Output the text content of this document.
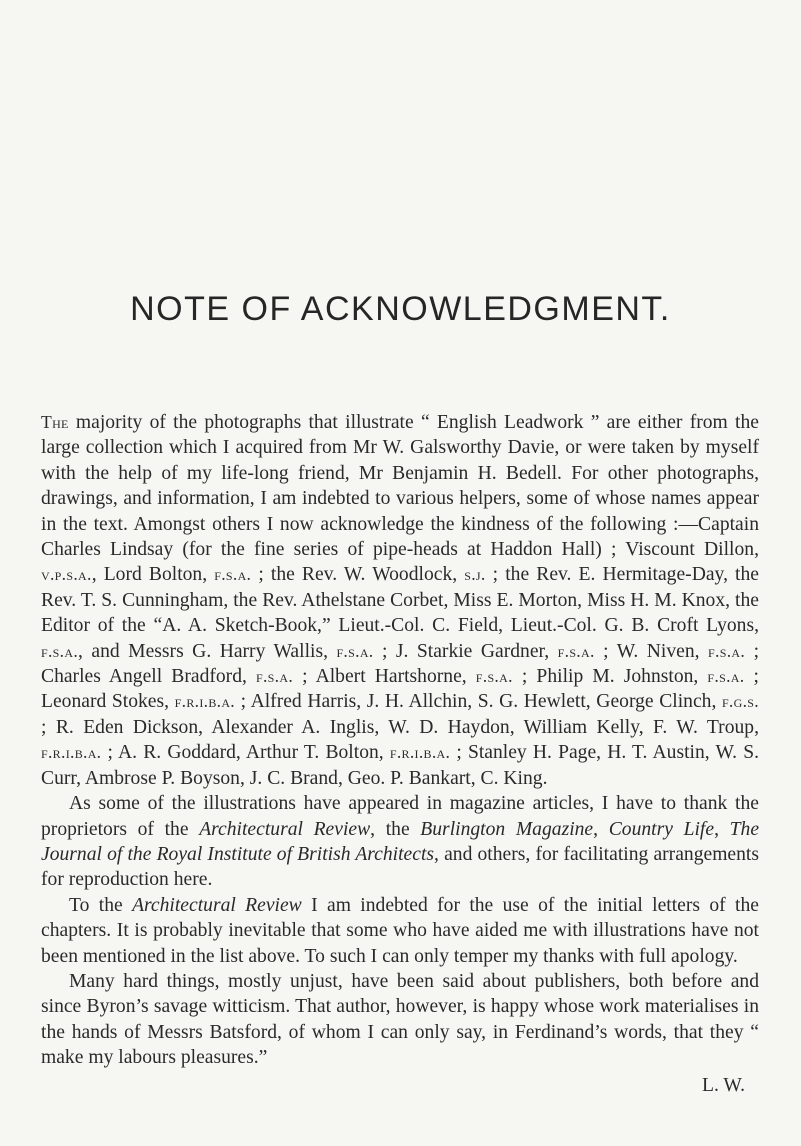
NOTE OF ACKNOWLEDGMENT.

The majority of the photographs that illustrate “ English Leadwork ” are either from the large collection which I acquired from Mr W. Galsworthy Davie, or were taken by myself with the help of my life-long friend, Mr Benjamin H. Bedell. For other photographs, drawings, and information, I am indebted to various helpers, some of whose names appear in the text. Amongst others I now acknowledge the kindness of the following :—Captain Charles Lindsay (for the fine series of pipe-heads at Haddon Hall) ; Viscount Dillon, v.p.s.a., Lord Bolton, f.s.a. ; the Rev. W. Woodlock, s.j. ; the Rev. E. Hermitage-Day, the Rev. T. S. Cunningham, the Rev. Athelstane Corbet, Miss E. Morton, Miss H. M. Knox, the Editor of the “A. A. Sketch-Book,” Lieut.-Col. C. Field, Lieut.-Col. G. B. Croft Lyons, f.s.a., and Messrs G. Harry Wallis, f.s.a. ; J. Starkie Gardner, f.s.a. ; W. Niven, f.s.a. ; Charles Angell Bradford, f.s.a. ; Albert Hartshorne, f.s.a. ; Philip M. Johnston, f.s.a. ; Leonard Stokes, f.r.i.b.a. ; Alfred Harris, J. H. Allchin, S. G. Hewlett, George Clinch, f.g.s. ; R. Eden Dickson, Alexander A. Inglis, W. D. Haydon, William Kelly, F. W. Troup, f.r.i.b.a. ; A. R. Goddard, Arthur T. Bolton, f.r.i.b.a. ; Stanley H. Page, H. T. Austin, W. S. Curr, Ambrose P. Boyson, J. C. Brand, Geo. P. Bankart, C. King.

As some of the illustrations have appeared in magazine articles, I have to thank the proprietors of the Architectural Review, the Burlington Magazine, Country Life, The Journal of the Royal Institute of British Architects, and others, for facilitating arrangements for reproduction here.

To the Architectural Review I am indebted for the use of the initial letters of the chapters. It is probably inevitable that some who have aided me with illustrations have not been mentioned in the list above. To such I can only temper my thanks with full apology.

Many hard things, mostly unjust, have been said about publishers, both before and since Byron’s savage witticism. That author, however, is happy whose work materialises in the hands of Messrs Batsford, of whom I can only say, in Ferdinand’s words, that they “ make my labours pleasures.”

L. W.
